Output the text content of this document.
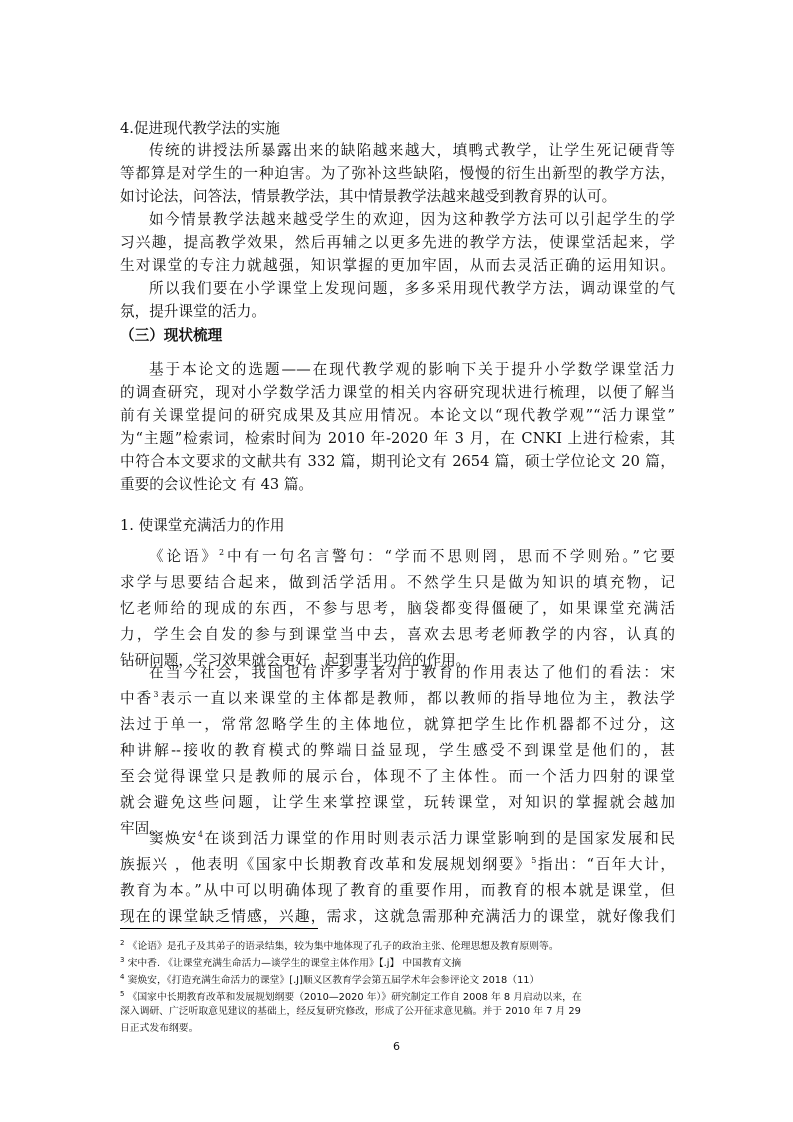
4.促进现代教学法的实施
传统的讲授法所暴露出来的缺陷越来越大，填鸭式教学，让学生死记硬背等
等都算是对学生的一种迫害。为了弥补这些缺陷，慢慢的衍生出新型的教学方法，
如讨论法，问答法，情景教学法，其中情景教学法越来越受到教育界的认可。
如今情景教学法越来越受学生的欢迎，因为这种教学方法可以引起学生的学
习兴趣，提高教学效果，然后再辅之以更多先进的教学方法，使课堂活起来，学
生对课堂的专注力就越强，知识掌握的更加牢固，从而去灵活正确的运用知识。
所以我们要在小学课堂上发现问题，多多采用现代教学方法，调动课堂的气
氛，提升课堂的活力。
（三）现状梳理
基于本论文的选题——在现代教学观的影响下关于提升小学数学课堂活力
的调查研究，现对小学数学活力课堂的相关内容研究现状进行梳理，以便了解当
前有关课堂提问的研究成果及其应用情况。本论文以“现代教学观”“活力课堂”
为“主题”检索词，检索时间为 2010 年-2020 年 3 月，在 CNKI 上进行检索，其
中符合本文要求的文献共有 332 篇，期刊论文有 2654 篇，硕士学位论文 20 篇，
重要的会议性论文 有 43 篇。
1. 使课堂充满活力的作用
《论语》$^2$中有一句名言警句：“学而不思则罔，思而不学则殆。”它要
求学与思要结合起来，做到活学活用。不然学生只是做为知识的填充物，记
忆老师给的现成的东西，不参与思考，脑袋都变得僵硬了，如果课堂充满活
力，学生会自发的参与到课堂当中去，喜欢去思考老师教学的内容，认真的
钻研问题，学习效果就会更好，起到事半功倍的作用。
在当今社会，我国也有许多学者对于教育的作用表达了他们的看法：宋
中香$^3$表示一直以来课堂的主体都是教师，都以教师的指导地位为主，教法学
法过于单一，常常忽略学生的主体地位，就算把学生比作机器都不过分，这
种讲解--接收的教育模式的弊端日益显现，学生感受不到课堂是他们的，甚
至会觉得课堂只是教师的展示台，体现不了主体性。而一个活力四射的课堂
就会避免这些问题，让学生来掌控课堂，玩转课堂，对知识的掌握就会越加
牢固。
窦焕安$^4$在谈到活力课堂的作用时则表示活力课堂影响到的是国家发展和民
族振兴 ，他表明《国家中长期教育改革和发展规划纲要》$^5$指出：“百年大计，
教育为本。”从中可以明确体现了教育的重要作用，而教育的根本就是课堂，但
$^2$ 《论语》是孔子及其弟子的语录结集，较为集中地体现了孔子的政治主张、伦理思想及教育原则等。
$^3$ 宋中香. 《让课堂充满生命活力—谈学生的课堂主体作用》【.j】 中国教育文摘
$^4$ 窦焕安，《打造充满生命活力的课堂》[.J]顺义区教育学会第五届学术年会参评论文 2018（11）
$^5$ 《国家中长期教育改革和发展规划纲要（2010—2020 年）》研究制定工作自 2008 年 8 月启动以来，在
深入调研、广泛听取意见建议的基础上，经反复研究修改，形成了公开征求意见稿。并于 2010 年 7 月 29
日正式发布纲要。
6
现在的课堂缺乏情感，兴趣，需求，这就急需那种充满活力的课堂，就好像我们
